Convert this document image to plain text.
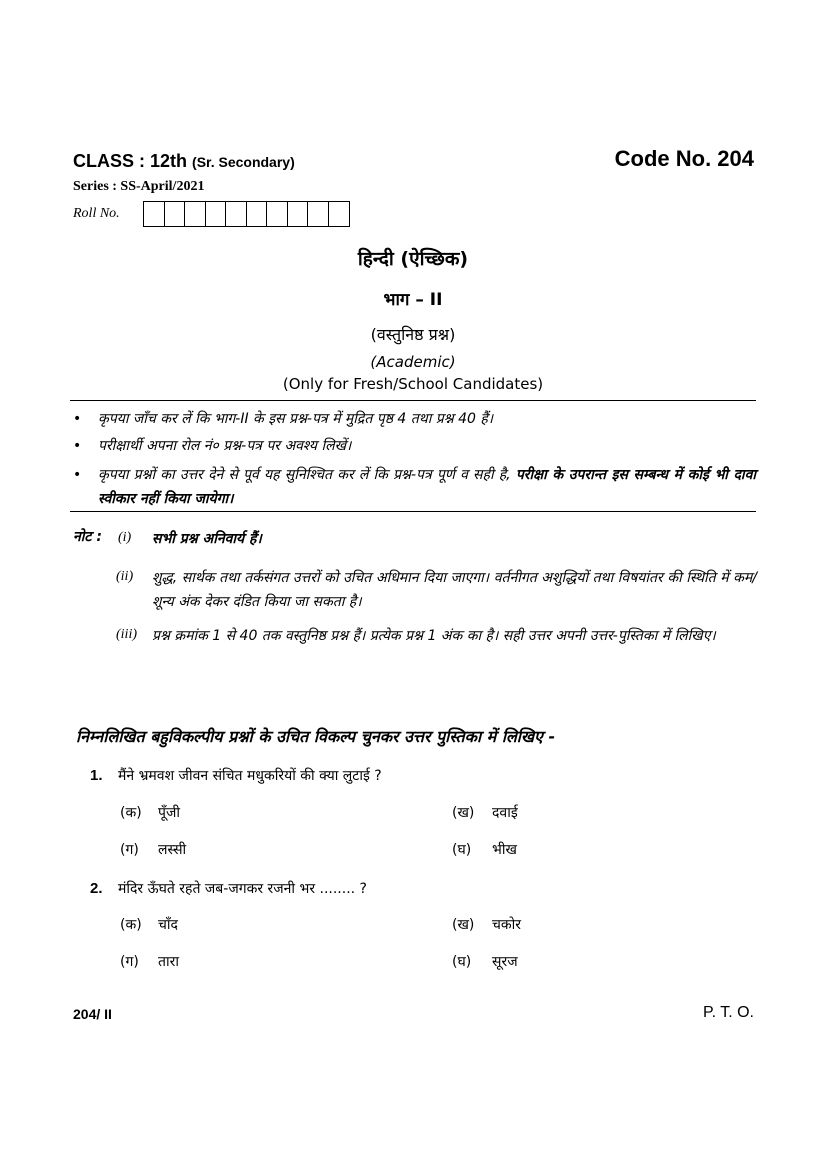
CLASS : 12th (Sr. Secondary)	Code No. 204
Series : SS-April/2021
Roll No.
हिन्दी (ऐच्छिक)
भाग – II
(वस्तुनिष्ठ प्रश्न)
(Academic)
(Only for Fresh/School Candidates)
• कृपया जाँच कर लें कि भाग-II के इस प्रश्न-पत्र में मुद्रित पृष्ठ 4 तथा प्रश्न 40 हैं।
• परीक्षार्थी अपना रोल नं० प्रश्न-पत्र पर अवश्य लिखें।
• कृपया प्रश्नों का उत्तर देने से पूर्व यह सुनिश्चित कर लें कि प्रश्न-पत्र पूर्ण व सही है, परीक्षा के उपरान्त इस सम्बन्ध में कोई भी दावा स्वीकार नहीं किया जायेगा।
नोट : (i) सभी प्रश्न अनिवार्य हैं।
(ii) शुद्ध, सार्थक तथा तर्कसंगत उत्तरों को उचित अधिमान दिया जाएगा। वर्तनीगत अशुद्धियों तथा विषयांतर की स्थिति में कम/शून्य अंक देकर दंडित किया जा सकता है।
(iii) प्रश्न क्रमांक 1 से 40 तक वस्तुनिष्ठ प्रश्न हैं। प्रत्येक प्रश्न 1 अंक का है। सही उत्तर अपनी उत्तर-पुस्तिका में लिखिए।
निम्नलिखित बहुविकल्पीय प्रश्नों के उचित विकल्प चुनकर उत्तर पुस्तिका में लिखिए -
1. मैंने भ्रमवश जीवन संचित मधुकरियों की क्या लुटाई ?
(क) पूँजी	(ख) दवाई
(ग) लस्सी	(घ) भीख
2. मंदिर ऊँघते रहते जब-जगकर रजनी भर ........ ?
(क) चाँद	(ख) चकोर
(ग) तारा	(घ) सूरज
204/ II	P. T. O.
